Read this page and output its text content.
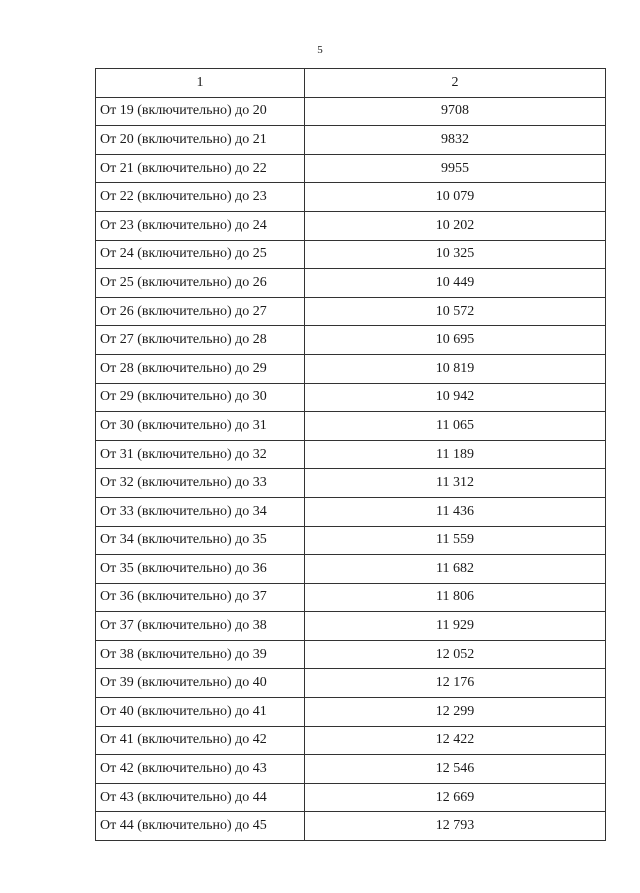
5
1	2
От 19 (включительно) до 20	9708
От 20 (включительно) до 21	9832
От 21 (включительно) до 22	9955
От 22 (включительно) до 23	10 079
От 23 (включительно) до 24	10 202
От 24 (включительно) до 25	10 325
От 25 (включительно) до 26	10 449
От 26 (включительно) до 27	10 572
От 27 (включительно) до 28	10 695
От 28 (включительно) до 29	10 819
От 29 (включительно) до 30	10 942
От 30 (включительно) до 31	11 065
От 31 (включительно) до 32	11 189
От 32 (включительно) до 33	11 312
От 33 (включительно) до 34	11 436
От 34 (включительно) до 35	11 559
От 35 (включительно) до 36	11 682
От 36 (включительно) до 37	11 806
От 37 (включительно) до 38	11 929
От 38 (включительно) до 39	12 052
От 39 (включительно) до 40	12 176
От 40 (включительно) до 41	12 299
От 41 (включительно) до 42	12 422
От 42 (включительно) до 43	12 546
От 43 (включительно) до 44	12 669
От 44 (включительно) до 45	12 793
